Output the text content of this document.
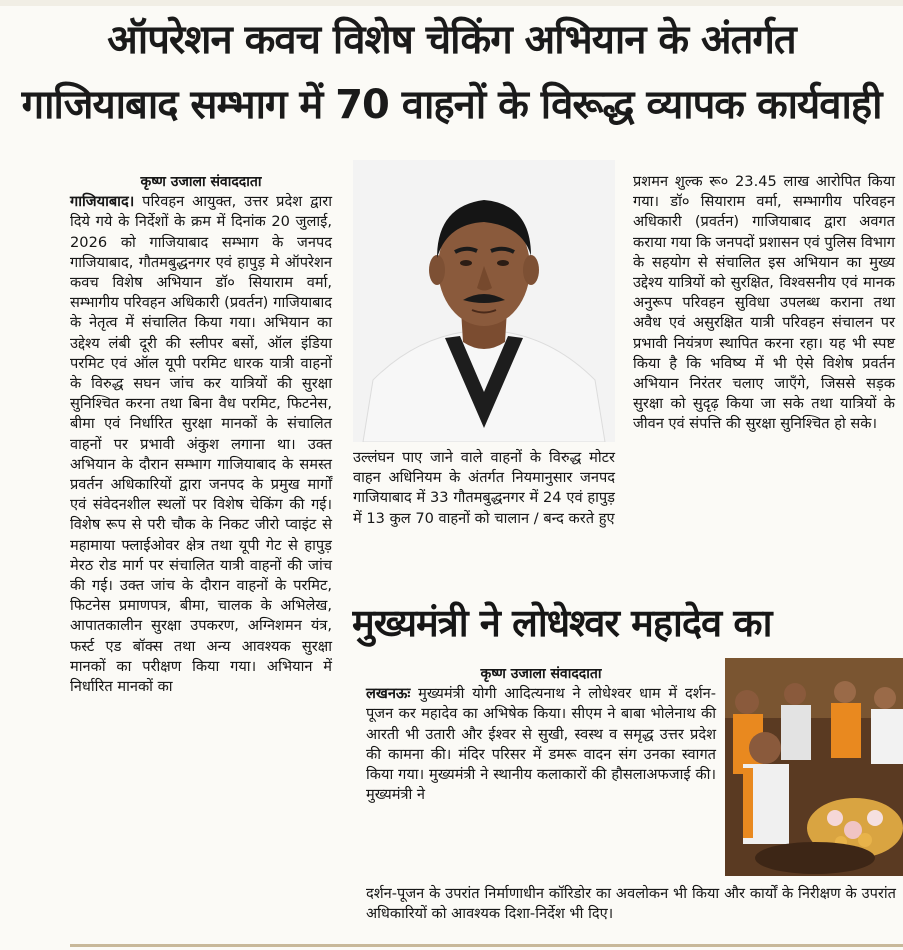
ऑपरेशन कवच विशेष चेकिंग अभियान के अंतर्गत
गाजियाबाद सम्भाग में 70 वाहनों के विरूद्ध व्यापक कार्यवाही
कृष्ण उजाला संवाददाता
गाजियाबाद। परिवहन आयुक्त, उत्तर प्रदेश द्वारा दिये गये के निर्देशों के क्रम में दिनांक 20 जुलाई, 2026 को गाजियाबाद सम्भाग के जनपद गाजियाबाद, गौतमबुद्धनगर एवं हापुड़ मे ऑपरेशन कवच विशेष अभियान डॉ० सियाराम वर्मा, सम्भागीय परिवहन अधिकारी (प्रवर्तन) गाजियाबाद के नेतृत्व में संचालित किया गया। अभियान का उद्देश्य लंबी दूरी की स्लीपर बसों, ऑल इंडिया परमिट एवं ऑल यूपी परमिट धारक यात्री वाहनों के विरुद्ध सघन जांच कर यात्रियों की सुरक्षा सुनिश्चित करना तथा बिना वैध परमिट, फिटनेस, बीमा एवं निर्धारित सुरक्षा मानकों के संचालित वाहनों पर प्रभावी अंकुश लगाना था। उक्त अभियान के दौरान सम्भाग गाजियाबाद के समस्त प्रवर्तन अधिकारियों द्वारा जनपद के प्रमुख मार्गों एवं संवेदनशील स्थलों पर विशेष चेकिंग की गई। विशेष रूप से परी चौक के निकट जीरो प्वाइंट से महामाया फ्लाईओवर क्षेत्र तथा यूपी गेट से हापुड़ मेरठ रोड मार्ग पर संचालित यात्री वाहनों की जांच की गई। उक्त जांच के दौरान वाहनों के परमिट, फिटनेस प्रमाणपत्र, बीमा, चालक के अभिलेख, आपातकालीन सुरक्षा उपकरण, अग्निशमन यंत्र, फर्स्ट एड बॉक्स तथा अन्य आवश्यक सुरक्षा मानकों का परीक्षण किया गया। अभियान में निर्धारित मानकों का
उल्लंघन पाए जाने वाले वाहनों के विरुद्ध मोटर वाहन अधिनियम के अंतर्गत नियमानुसार जनपद गाजियाबाद में 33 गौतमबुद्धनगर में 24 एवं हापुड़ में 13 कुल 70 वाहनों को चालान / बन्द करते हुए
प्रशमन शुल्क रू० 23.45 लाख आरोपित किया गया। डॉ० सियाराम वर्मा, सम्भागीय परिवहन अधिकारी (प्रवर्तन) गाजियाबाद द्वारा अवगत कराया गया कि जनपदों प्रशासन एवं पुलिस विभाग के सहयोग से संचालित इस अभियान का मुख्य उद्देश्य यात्रियों को सुरक्षित, विश्वसनीय एवं मानक अनुरूप परिवहन सुविधा उपलब्ध कराना तथा अवैध एवं असुरक्षित यात्री परिवहन संचालन पर प्रभावी नियंत्रण स्थापित करना रहा। यह भी स्पष्ट किया है कि भविष्य में भी ऐसे विशेष प्रवर्तन अभियान निरंतर चलाए जाएँगे, जिससे सड़क सुरक्षा को सुदृढ़ किया जा सके तथा यात्रियों के जीवन एवं संपत्ति की सुरक्षा सुनिश्चित हो सके।
मुख्यमंत्री ने लोधेश्वर महादेव का
कृष्ण उजाला संवाददाता
लखनऊः मुख्यमंत्री योगी आदित्यनाथ ने लोधेश्वर धाम में दर्शन-पूजन कर महादेव का अभिषेक किया। सीएम ने बाबा भोलेनाथ की आरती भी उतारी और ईश्वर से सुखी, स्वस्थ व समृद्ध उत्तर प्रदेश की कामना की। मंदिर परिसर में डमरू वादन संग उनका स्वागत किया गया। मुख्यमंत्री ने स्थानीय कलाकारों की हौसलाअफजाई की। मुख्यमंत्री ने
दर्शन-पूजन के उपरांत निर्माणाधीन कॉरिडोर का अवलोकन भी किया और कार्यों के निरीक्षण के उपरांत अधिकारियों को आवश्यक दिशा-निर्देश भी दिए।
